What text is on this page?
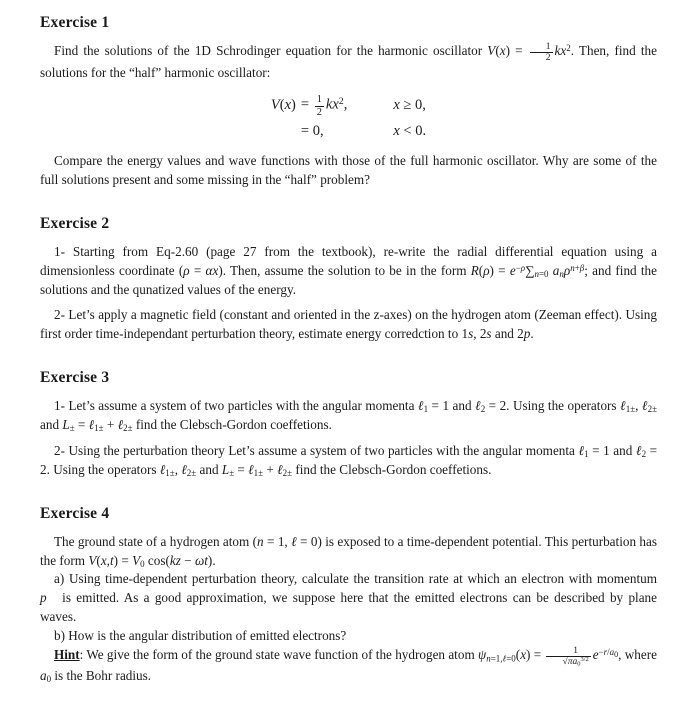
Exercise 1

Find the solutions of the 1D Schrodinger equation for the harmonic oscillator $V(x) = \frac{1}{2} kx^2$. Then, find the solutions for the “half” harmonic oscillator:

$V(x) = \frac{1}{2} kx^2$,	x ≥ 0,
= 0,	x < 0.

Compare the energy values and wave functions with those of the full harmonic oscillator. Why are some of the full solutions present and some missing in the “half” problem?

Exercise 2

1- Starting from Eq-2.60 (page 27 from the textbook), re-write the radial differential equation using a dimensionless coordinate (ρ = αx). Then, assume the solution to be in the form $R(\rho) = e^{-\rho}\sum_{n=0}$ $a_n\rho^{n+\beta}$; and find the solutions and the qunatized values of the energy.

2- Let’s apply a magnetic field (constant and oriented in the z-axes) on the hydrogen atom (Zeeman effect). Using first order time-independant perturbation theory, estimate energy corredction to 1s, 2s and 2p.

Exercise 3

1- Let’s assume a system of two particles with the angular momenta ℓ$_1$ = 1 and ℓ$_2$ = 2. Using the operators ℓ$_{1\pm}$, ℓ$_{2\pm}$ and $L_\pm$ = ℓ$_{1\pm}$ + ℓ$_{2\pm}$ find the Clebsch-Gordon coeffetions.

2- Using the perturbation theory Let’s assume a system of two particles with the angular momenta ℓ$_1$ = 1 and ℓ$_2$ = 2. Using the operators ℓ$_{1\pm}$, ℓ$_{2\pm}$ and $L_\pm$ = ℓ$_{1\pm}$ + ℓ$_{2\pm}$ find the Clebsch-Gordon coeffetions.

Exercise 4

The ground state of a hydrogen atom (n = 1, ℓ = 0) is exposed to a time-dependent potential. This perturbation has the form $V(x,t) = V_0$ cos(kz − ωt).

a) Using time-dependent perturbation theory, calculate the transition rate at which an electron with momentum p⃗ is emitted. As a good approximation, we suppose here that the emitted electrons can be described by plane waves.

b) How is the angular distribution of emitted electrons?

Hint: We give the form of the ground state wave function of the hydrogen atom $\psi_{n=1,\ell=0}(x) = \frac{1}{√\pi a_0^{3/2}} e^{-r/a_0}$, where $a_0$ is the Bohr radius.
